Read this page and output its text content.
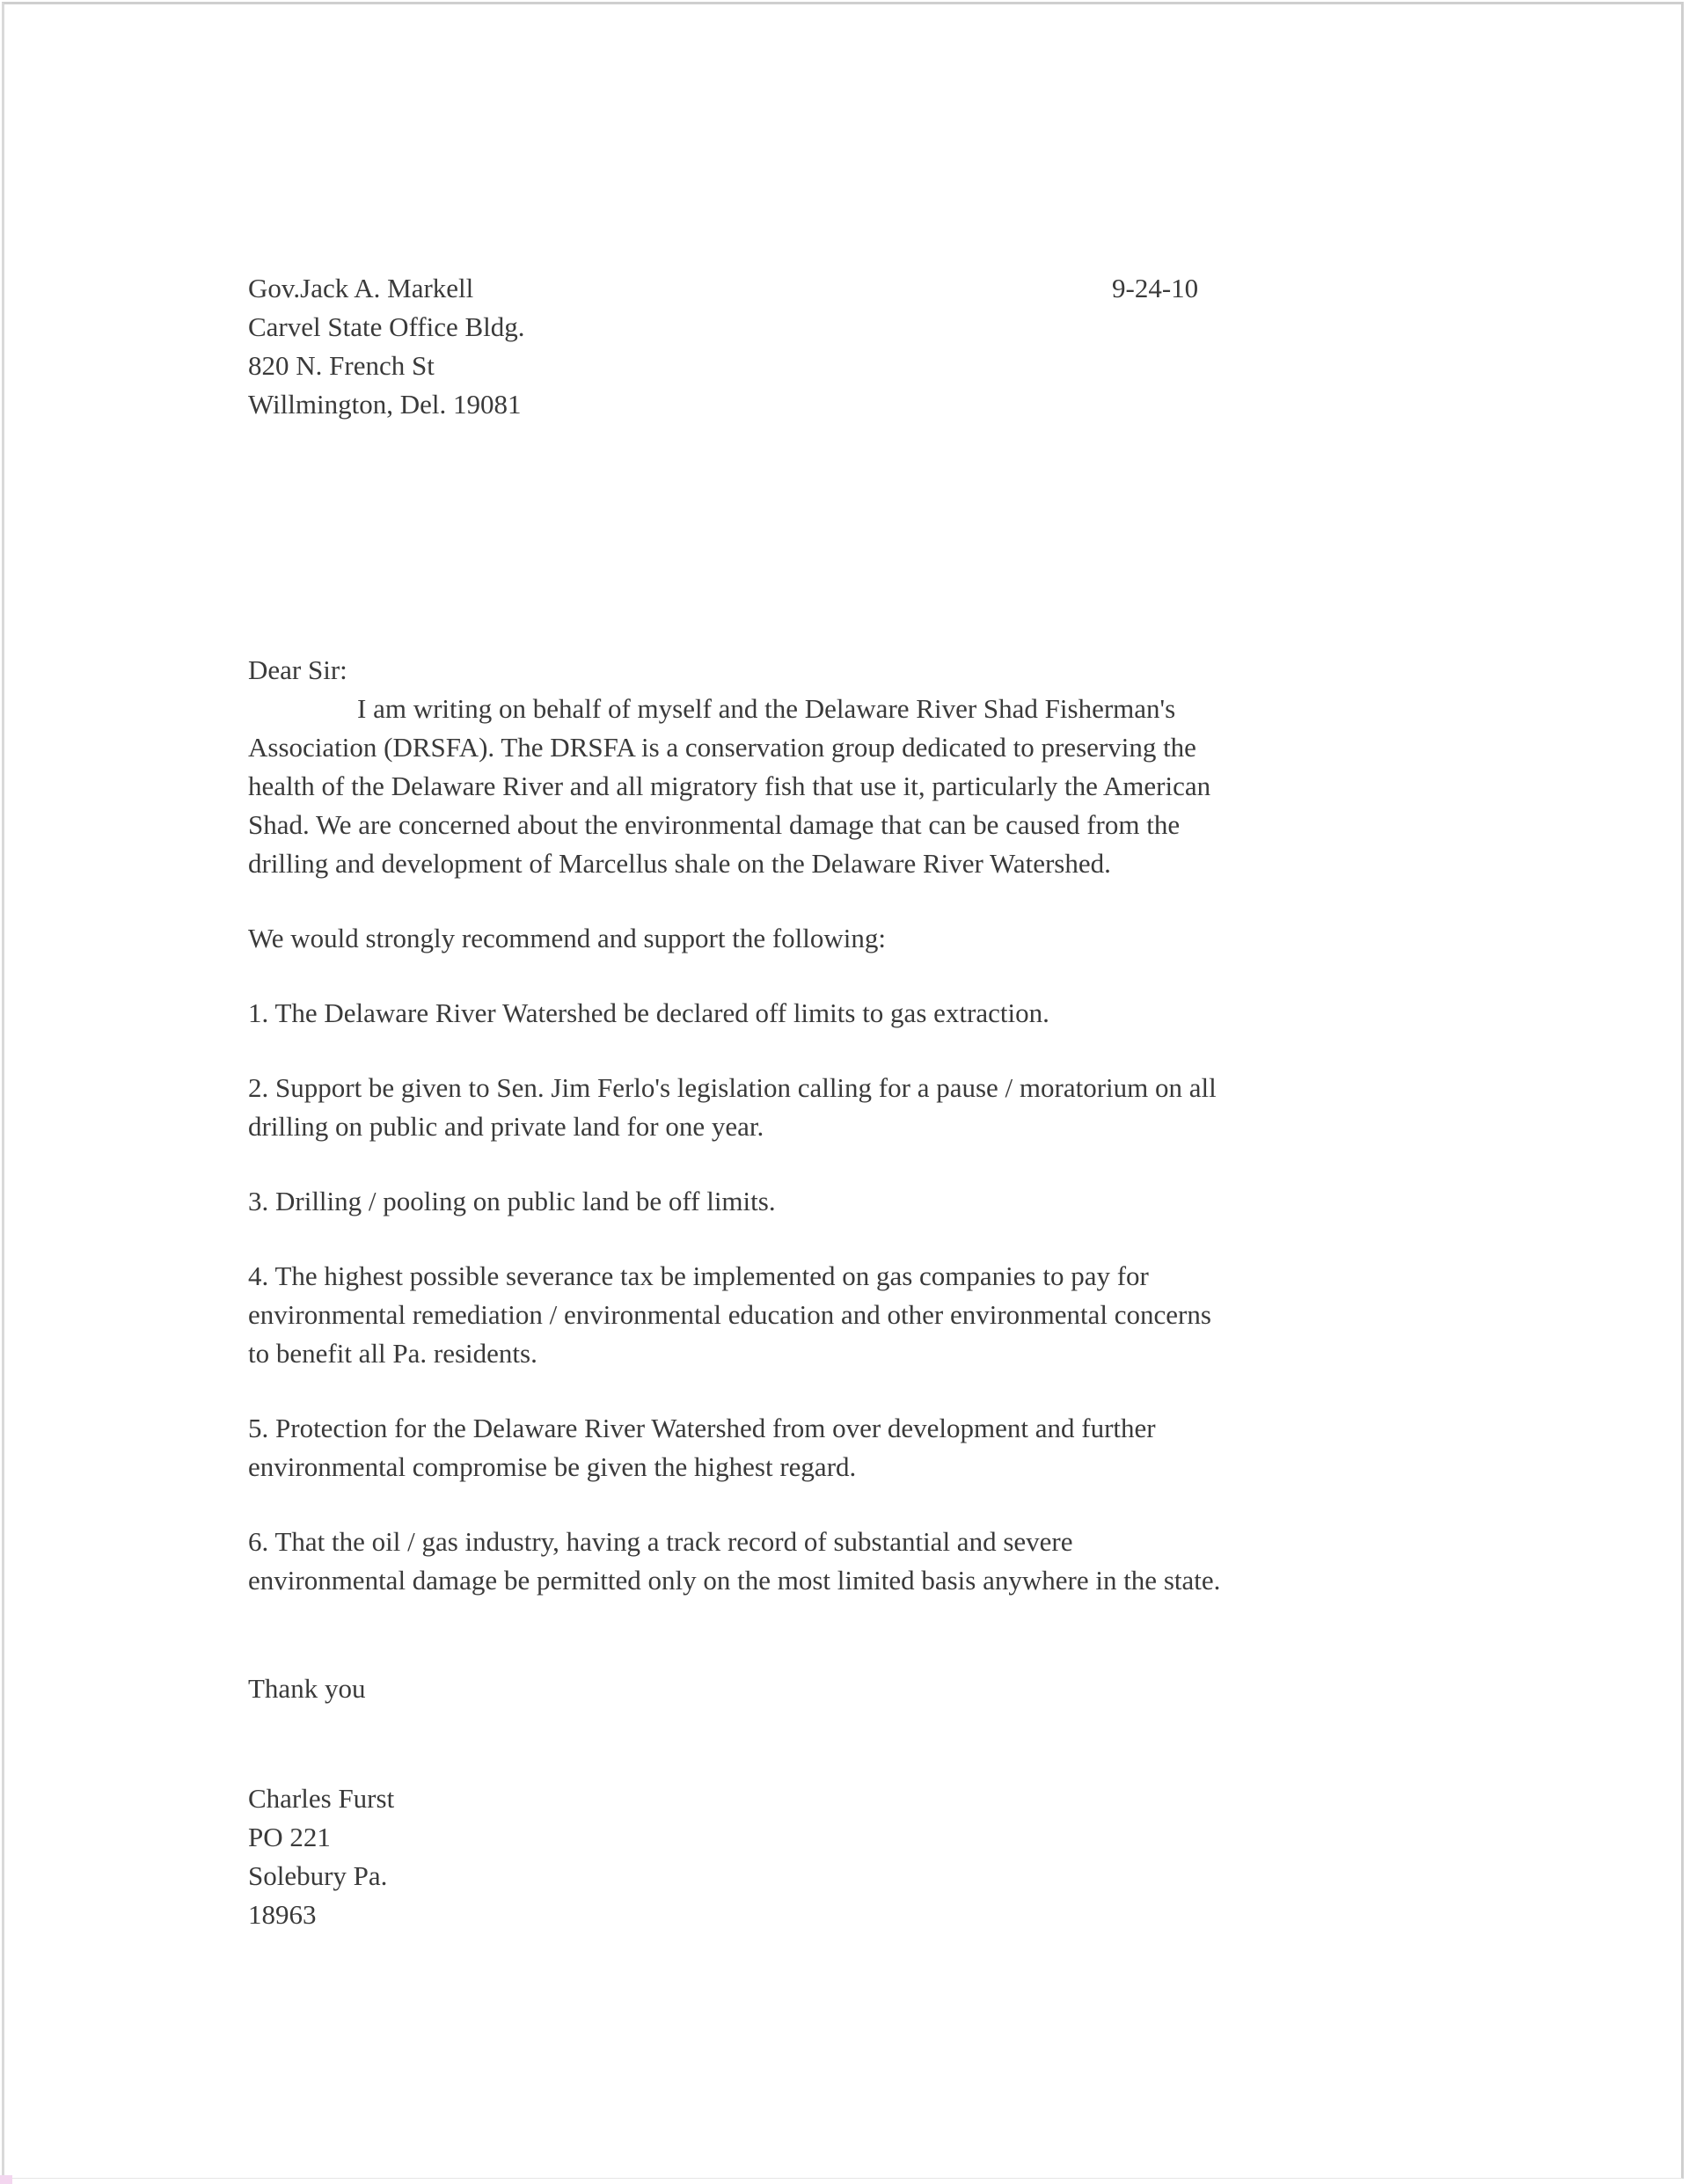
9-24-10
Gov.Jack A. Markell
Carvel State Office Bldg.
820 N. French St
Willmington, Del. 19081
Dear Sir:
I am writing on behalf of myself and the Delaware River Shad Fisherman's
Association (DRSFA). The DRSFA is a conservation group dedicated to preserving the
health of the Delaware River and all migratory fish that use it, particularly the American
Shad. We are concerned about the environmental damage that can be caused from the
drilling and development of Marcellus shale on the Delaware River Watershed.
We would strongly recommend and support the following:
1. The Delaware River Watershed be declared off limits to gas extraction.
2. Support be given to Sen. Jim Ferlo's legislation calling for a pause / moratorium on all
drilling on public and private land for one year.
3. Drilling / pooling on public land be off limits.
4. The highest possible severance tax be implemented on gas companies to pay for
environmental remediation / environmental education and other environmental concerns
to benefit all Pa. residents.
5. Protection for the Delaware River Watershed from over development and further
environmental compromise be given the highest regard.
6. That the oil / gas industry, having a track record of substantial and severe
environmental damage be permitted only on the most limited basis anywhere in the state.
Thank you
Charles Furst
PO 221
Solebury Pa.
18963
